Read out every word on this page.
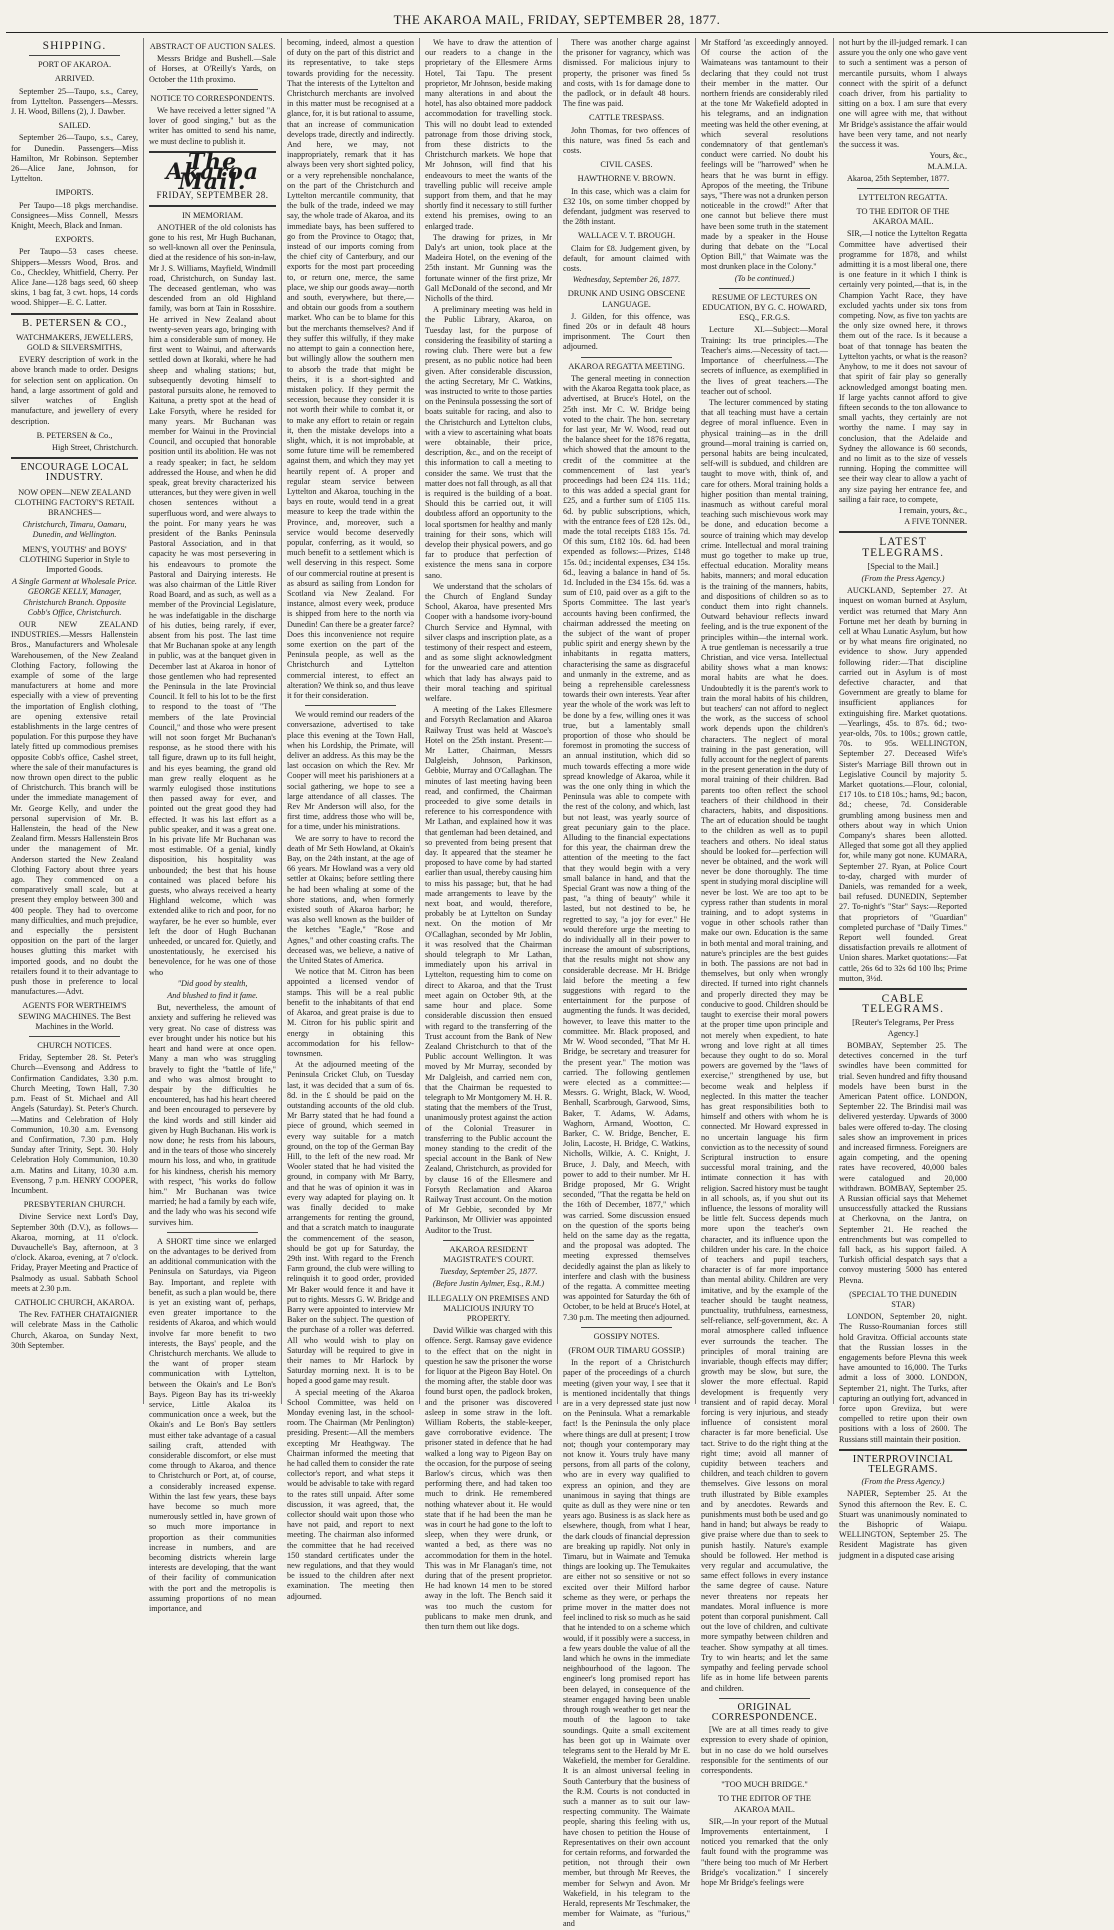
THE AKAROA MAIL, FRIDAY, SEPTEMBER 28, 1877.
SHIPPING.
PORT OF AKAROA.
ARRIVED.

September 25—Taupo, s.s., Carey, from Lyttelton. Passengers—Messrs. J. H. Wood, Billens (2), J. Dawber.

SAILED.

September 26—Taupo, s.s., Carey, for Dunedin. Passengers—Miss Hamilton, Mr Robinson. September 26—Alice Jane, Johnson, for Lyttelton.

IMPORTS.

Per Taupo—18 pkgs merchandise. Consignees—Miss Connell, Messrs Knight, Meech, Black and Inman.

EXPORTS.

Per Taupo—53 cases cheese. Shippers—Messrs Wood, Bros. and Co., Checkley, Whitfield, Cherry. Per Alice Jane—128 bags seed, 60 sheep skins, 1 bag fat, 3 cwt. hops, 14 cords wood. Shipper—E. C. Latter.

B. PETERSEN & CO.,
WATCHMAKERS, JEWELLERS, GOLD & SILVERSMITHS,

EVERY description of work in the above branch made to order. Designs for selection sent on application. On hand, a large assortment of gold and silver watches of English manufacture, and jewellery of every description.

B. PETERSEN & Co.,

High Street, Christchurch.

ENCOURAGE LOCAL INDUSTRY.
NOW OPEN—NEW ZEALAND CLOTHING FACTORY'S RETAIL BRANCHES—
Christchurch, Timaru, Oamaru, Dunedin, and Wellington.
MEN'S, YOUTHS' and BOYS' CLOTHING Superior in Style to Imported Goods.
A Single Garment at Wholesale Price. GEORGE KELLY, Manager, Christchurch Branch. Opposite Cobb's Office, Christchurch.

OUR NEW ZEALAND INDUSTRIES.—Messrs Hallenstein Bros., Manufacturers and Wholesale Warehousemen, of the New Zealand Clothing Factory, following the example of some of the large manufacturers at home and more especially with a view of preventing the importation of English clothing, are opening extensive retail establishments in the large centres of population. For this purpose they have lately fitted up commodious premises opposite Cobb's office, Cashel street, where the sale of their manufactures is now thrown open direct to the public of Christchurch. This branch will be under the immediate management of Mr. George Kelly, and under the personal supervision of Mr. B. Hallenstein, the head of the New Zealand firm. Messrs Hallenstein Bros under the management of Mr. Anderson started the New Zealand Clothing Factory about three years ago. They commenced on a comparatively small scale, but at present they employ between 300 and 400 people. They had to overcome many difficulties, and much prejudice, and especially the persistent opposition on the part of the larger houses glutting this market with imported goods, and no doubt the retailers found it to their advantage to push those in preference to local manufactures.—Advt.

AGENTS FOR WERTHEIM'S SEWING MACHINES. The Best Machines in the World.
CHURCH NOTICES.

Friday, September 28. St. Peter's Church—Evensong and Address to Confirmation Candidates, 3.30 p.m. Church Meeting, Town Hall, 7.30 p.m. Feast of St. Michael and All Angels (Saturday). St. Peter's Church.—Matins and Celebration of Holy Communion, 10.30 a.m. Evensong and Confirmation, 7.30 p.m. Holy Sunday after Trinity, Sept. 30. Holy Celebration Holy Communion, 10.30 a.m. Matins and Litany, 10.30 a.m. Evensong, 7 p.m. HENRY COOPER, Incumbent.

PRESBYTERIAN CHURCH.

Divine Service next Lord's Day, September 30th (D.V.), as follows—Akaroa, morning, at 11 o'clock. Duvauchelle's Bay, afternoon, at 3 o'clock. Akaroa, evening, at 7 o'clock. Friday, Prayer Meeting and Practice of Psalmody as usual. Sabbath School meets at 2.30 p.m.

CATHOLIC CHURCH, AKAROA.

The Rev. FATHER CHATAIGNIER will celebrate Mass in the Catholic Church, Akaroa, on Sunday Next, 30th September.

ABSTRACT OF AUCTION SALES.

Messrs Bridge and Bushell.—Sale of Horses, at O'Reilly's Yards, on October the 11th proximo.

NOTICE TO CORRESPONDENTS.

We have received a letter signed "A lover of good singing," but as the writer has omitted to send his name, we must decline to publish it.

The Akaroa Mail.
FRIDAY, SEPTEMBER 28.
IN MEMORIAM.

ANOTHER of the old colonists has gone to his rest, Mr Hugh Buchanan, so well-known all over the Peninsula, died at the residence of his son-in-law, Mr J. S. Williams, Mayfield, Windmill road, Christchurch, on Sunday last. The deceased gentleman, who was descended from an old Highland family, was born at Tain in Rossshire. He arrived in New Zealand about twenty-seven years ago, bringing with him a considerable sum of money. He first went to Wainui, and afterwards settled down at Ikoraki, where he had sheep and whaling stations; but, subsequently devoting himself to pastoral pursuits alone, he removed to Kaituna, a pretty spot at the head of Lake Forsyth, where he resided for many years. Mr Buchanan was member for Wainui in the Provincial Council, and occupied that honorable position until its abolition. He was not a ready speaker; in fact, he seldom addressed the House, and when he did speak, great brevity characterized his utterances, but they were given in well chosen sentences without a superfluous word, and were always to the point. For many years he was president of the Banks Peninsula Pastoral Association, and in that capacity he was most persevering in his endeavours to promote the Pastoral and Dairying interests. He was also chairman of the Little River Road Board, and as such, as well as a member of the Provincial Legislature, he was indefatigable in the discharge of his duties, being rarely, if ever, absent from his post. The last time that Mr Buchanan spoke at any length in public, was at the banquet given in December last at Akaroa in honor of those gentlemen who had represented the Peninsula in the late Provincial Council. It fell to his lot to be the first to respond to the toast of "The members of the late Provincial Council," and those who were present will not soon forget Mr Buchanan's response, as he stood there with his tall figure, drawn up to its full height, and his eyes beaming, the grand old man grew really eloquent as he warmly eulogised those institutions then passed away for ever, and pointed out the great good they had effected. It was his last effort as a public speaker, and it was a great one. In his private life Mr Buchanan was most estimable. Of a genial, kindly disposition, his hospitality was unbounded; the best that his house contained was placed before his guests, who always received a hearty Highland welcome, which was extended alike to rich and poor, for no wayfarer, be he ever so humble, ever left the door of Hugh Buchanan unheeded, or uncared for. Quietly, and unostentatiously, he exercised his benevolence, for he was one of those who

"Did good by stealth,
And blushed to find it fame.

But, nevertheless, the amount of anxiety and suffering he relieved was very great. No case of distress was ever brought under his notice but his heart and hand were at once open. Many a man who was struggling bravely to fight the "battle of life," and who was almost brought to despair by the difficulties he encountered, has had his heart cheered and been encouraged to persevere by the kind words and still kinder aid given by Hugh Buchanan. His work is now done; he rests from his labours, and in the tears of those who sincerely mourn his loss, and who, in gratitude for his kindness, cherish his memory with respect, "his works do follow him." Mr Buchanan was twice married; he had a family by each wife, and the lady who was his second wife survives him.

A SHORT time since we enlarged on the advantages to be derived from an additional communication with the Peninsula on Saturdays, via Pigeon Bay. Important, and replete with benefit, as such a plan would be, there is yet an existing want of, perhaps, even greater importance to the residents of Akaroa, and which would involve far more benefit to two interests, the Bays' people, and the Christchurch merchants. We allude to the want of proper steam communication with Lyttelton, between the Okain's and Le Bon's Bays. Pigeon Bay has its tri-weekly service, Little Akaloa its communication once a week, but the Okain's and Le Bon's Bay settlers must either take advantage of a casual sailing craft, attended with considerable discomfort, or else must come through to Akaroa, and thence to Christchurch or Port, at, of course, a considerably increased expense. Within the last few years, these bays have become so much more numerously settled in, have grown of so much more importance in proportion as their communities increase in numbers, and are becoming districts wherein large interests are developing, that the want of their facility of communication with the port and the metropolis is assuming proportions of no mean importance, and

becoming, indeed, almost a question of duty on the part of this district and its representative, to take steps towards providing for the necessity. That the interests of the Lyttelton and Christchurch merchants are involved in this matter must be recognised at a glance, for, it is but rational to assume, that an increase of communication develops trade, directly and indirectly. And here, we may, not inappropriately, remark that it has always been very short sighted policy, or a very reprehensible nonchalance, on the part of the Christchurch and Lyttelton mercantile community, that the bulk of the trade, indeed we may say, the whole trade of Akaroa, and its immediate bays, has been suffered to go from the Province to Otago; that, instead of our imports coming from the chief city of Canterbury, and our exports for the most part proceeding to, or return one, merce, the same place, we ship our goods away—north and south, everywhere, but there,—and obtain our goods from a southern market. Who can be to blame for this but the merchants themselves? And if they suffer this wilfully, if they make no attempt to gain a connection here, but willingly allow the southern men to absorb the trade that might be theirs, it is a short-sighted and mistaken policy. If they permit the secession, because they consider it is not worth their while to combat it, or to make any effort to retain or regain it, then the mistake develops into a slight, which, it is not improbable, at some future time will be remembered against them, and which they may yet heartily repent of. A proper and regular steam service between Lyttelton and Akaroa, touching in the bays en route, would tend in a great measure to keep the trade within the Province, and, moreover, such a service would become deservedly popular, conferring, as it would, so much benefit to a settlement which is well deserving in this respect. Some of our commercial routine at present is as absurd as sailing from London for Scotland via New Zealand. For instance, almost every week, produce is shipped from here to the north via Dunedin! Can there be a greater farce? Does this inconvenience not require some exertion on the part of the Peninsula people, as well as the Christchurch and Lyttelton commercial interest, to effect an alteration? We think so, and thus leave it for their consideration.

We would remind our readers of the conversazione, advertised to take place this evening at the Town Hall, when his Lordship, the Primate, will deliver an address. As this may be the last occasion on which the Rev. Mr Cooper will meet his parishioners at a social gathering, we hope to see a large attendance of all classes. The Rev Mr Anderson will also, for the first time, address those who will be, for a time, under his ministrations.

We are sorry to have to record the death of Mr Seth Howland, at Okain's Bay, on the 24th instant, at the age of 66 years. Mr Howland was a very old settler at Okains; before settling there he had been whaling at some of the shore stations, and, when formerly existed south of Akaroa harbor; he was also well known as the builder of the ketches "Eagle," "Rose and Agnes," and other coasting crafts. The deceased was, we believe, a native of the United States of America.

We notice that M. Citron has been appointed a licensed vendor of stamps. This will be a real public benefit to the inhabitants of that end of Akaroa, and great praise is due to M. Citron for his public spirit and energy in obtaining this accommodation for his fellow-townsmen.

At the adjourned meeting of the Peninsula Cricket Club, on Tuesday last, it was decided that a sum of 6s. 8d. in the £ should be paid on the outstanding accounts of the old club. Mr Barry stated that he had found a piece of ground, which seemed in every way suitable for a match ground, on the top of the German Bay Hill, to the left of the new road. Mr Wooler stated that he had visited the ground, in company with Mr Barry, and that he was of opinion it was in every way adapted for playing on. It was finally decided to make arrangements for renting the ground, and that a scratch match to inaugurate the commencement of the season, should be got up for Saturday, the 29th inst. With regard to the French Farm ground, the club were willing to relinquish it to good order, provided Mr Baker would fence it and have it put to rights. Messrs G. W. Bridge and Barry were appointed to interview Mr Baker on the subject. The question of the purchase of a roller was deferred. All who would wish to play on Saturday will be required to give in their names to Mr Harlock by Saturday morning next. It is to be hoped a good game may result.

A special meeting of the Akaroa School Committee, was held on Monday evening last, in the school-room. The Chairman (Mr Penlington) presiding. Present:—All the members excepting Mr Heathgway. The Chairman informed the meeting that he had called them to consider the rate collector's report, and what steps it would be advisable to take with regard to the rates still unpaid. After some discussion, it was agreed, that, the collector should wait upon those who have not paid, and report to next meeting. The chairman also informed the committee that he had received 150 standard certificates under the new regulations, and that they would be issued to the children after next examination. The meeting then adjourned.

We have to draw the attention of our readers to a change in the proprietary of the Ellesmere Arms Hotel, Tai Tapu. The present proprietor, Mr Johnson, beside making many alterations in and about the hotel, has also obtained more paddock accommodation for travelling stock. This will no doubt lead to extended patronage from those driving stock, from these districts to the Christchurch markets. We hope that Mr Johnson, will find that his endeavours to meet the wants of the travelling public will receive ample support from them, and that he may shortly find it necessary to still further extend his premises, owing to an enlarged trade.

The drawing for prizes, in Mr Daly's art union, took place at the Madeira Hotel, on the evening of the 25th instant. Mr Gunning was the fortunate winner of the first prize, Mr Gall McDonald of the second, and Mr Nicholls of the third.

A preliminary meeting was held in the Public Library, Akaroa, on Tuesday last, for the purpose of considering the feasibility of starting a rowing club. There were but a few present, as no public notice had been given. After considerable discussion, the acting Secretary, Mr C. Watkins, was instructed to write to those parties on the Peninsula possessing the sort of boats suitable for racing, and also to the Christchurch and Lyttelton clubs, with a view to ascertaining what boats were obtainable, their price, description, &c., and on the receipt of this information to call a meeting to consider the same. We trust that the matter does not fall through, as all that is required is the building of a boat. Should this be carried out, it will doubtless afford an opportunity to the local sportsmen for healthy and manly training for their sons, which will develop their physical powers, and go far to produce that perfection of existence the mens sana in corpore sano.

We understand that the scholars of the Church of England Sunday School, Akaroa, have presented Mrs Cooper with a handsome ivory-bound Church Service and Hymnal, with silver clasps and inscription plate, as a testimony of their respect and esteem, and as some slight acknowledgment for the unwearied care and attention which that lady has always paid to their moral teaching and spiritual welfare.

A meeting of the Lakes Ellesmere and Forsyth Reclamation and Akaroa Railway Trust was held at Wascoe's Hotel on the 25th instant. Present:—Mr Latter, Chairman, Messrs Dalgleish, Johnson, Parkinson, Gebbie, Murray and O'Callaghan. The minutes of last meeting having been read, and confirmed, the Chairman proceeded to give some details in reference to his correspondence with Mr Lathan, and explained how it was that gentleman had been detained, and so prevented from being present that day. It appeared that the steamer he proposed to have come by had started earlier than usual, thereby causing him to miss his passage; but, that he had made arrangements to leave by the next boat, and would, therefore, probably be at Lyttelton on Sunday next. On the motion of Mr O'Callaghan, seconded by Mr Joblin, it was resolved that the Chairman should telegraph to Mr Lathan, immediately upon his arrival in Lyttelton, requesting him to come on direct to Akaroa, and that the Trust meet again on October 9th, at the same hour and place. Some considerable discussion then ensued with regard to the transferring of the Trust account from the Bank of New Zealand Christchurch to that of the Public account Wellington. It was moved by Mr Murray, seconded by Mr Dalgleish, and carried nem con, that the Chairman be requested to telegraph to Mr Montgomery M. H. R. stating that the members of the Trust, unanimously protest against the action of the Colonial Treasurer in transferring to the Public account the money standing to the credit of the special account in the Bank of New Zealand, Christchurch, as provided for by clause 16 of the Ellesmere and Forsyth Reclamation and Akaroa Railway Trust account. On the motion of Mr Gebbie, seconded by Mr Parkinson, Mr Ollivier was appointed Auditor to the Trust.

AKAROA RESIDENT MAGISTRATE'S COURT.
Tuesday, September 25, 1877.
(Before Justin Aylmer, Esq., R.M.)
ILLEGALLY ON PREMISES AND MALICIOUS INJURY TO PROPERTY.

David Wilkie was charged with this offence. Sergt. Ramsay gave evidence to the effect that on the night in question he saw the prisoner the worse for liquor at the Pigeon Bay Hotel. On the morning after, the stable door was found burst open, the padlock broken, and the prisoner was discovered asleep in some straw in the loft. William Roberts, the stable-keeper, gave corroborative evidence. The prisoner stated in defence that he had walked a long way to Pigeon Bay on the occasion, for the purpose of seeing Barlow's circus, which was then performing there, and had taken too much to drink. He remembered nothing whatever about it. He would state that if he had been the man he was in court he had gone to the loft to sleep, when they were drunk, or wanted a bed, as there was no accommodation for them in the hotel. This was in Mr Flanagan's time, not during that of the present proprietor. He had known 14 men to be stored away in the loft. The Bench said it was too much the custom for publicans to make men drunk, and then turn them out like dogs.

There was another charge against the prisoner for vagrancy, which was dismissed. For malicious injury to property, the prisoner was fined 5s and costs, with 1s for damage done to the padlock, or in default 48 hours. The fine was paid.

CATTLE TRESPASS.

John Thomas, for two offences of this nature, was fined 5s each and costs.

CIVIL CASES.
HAWTHORNE V. BROWN.

In this case, which was a claim for £32 10s, on some timber chopped by defendant, judgment was reserved to the 28th instant.

WALLACE V. T. BROUGH.

Claim for £8. Judgement given, by default, for amount claimed with costs.

Wednesday, September 26, 1877.
DRUNK AND USING OBSCENE LANGUAGE.

J. Gilden, for this offence, was fined 20s or in default 48 hours imprisonment. The Court then adjourned.

AKAROA REGATTA MEETING.

The general meeting in connection with the Akaroa Regatta took place, as advertised, at Bruce's Hotel, on the 25th inst. Mr C. W. Bridge being voted to the chair. The hon. secretary for last year, Mr W. Wood, read out the balance sheet for the 1876 regatta, which showed that the amount to the credit of the committee at the commencement of last year's proceedings had been £24 11s. 11d.; to this was added a special grant for £25, and a further sum of £105 11s. 6d. by public subscriptions, which, with the entrance fees of £28 12s. 0d., made the total receipts £183 15s. 7d. Of this sum, £182 10s. 6d. had been expended as follows:—Prizes, £148 15s. 0d.; incidental expenses, £34 15s. 6d., leaving a balance in hand of 5s. 1d. Included in the £34 15s. 6d. was a sum of £10, paid over as a gift to the Sports Committee. The last year's accounts having been confirmed, the chairman addressed the meeting on the subject of the want of proper public spirit and energy shewn by the inhabitants in regatta matters, characterising the same as disgraceful and unmanly in the extreme, and as being a reprehensible carelessness towards their own interests. Year after year the whole of the work was left to be done by a few, willing ones it was true, but a lamentably small proportion of those who should be foremost in promoting the success of an annual institution, which did so much towards effecting a more wide spread knowledge of Akaroa, while it was the one only thing in which the Peninsula was able to compete with the rest of the colony, and which, last but not least, was yearly source of great pecuniary gain to the place. Alluding to the financial expectations for this year, the chairman drew the attention of the meeting to the fact that they would begin with a very small balance in hand, and that the Special Grant was now a thing of the past, "a thing of beauty" while it lasted, but not destined to be, he regretted to say, "a joy for ever." He would therefore urge the meeting to do individually all in their power to increase the amount of subscriptions, that the results might not show any considerable decrease. Mr H. Bridge laid before the meeting a few suggestions with regard to the entertainment for the purpose of augmenting the funds. It was decided, however, to leave this matter to the committee. Mr. Black proposed, and Mr W. Wood seconded, "That Mr H. Bridge, be secretary and treasurer for the present year." The motion was carried. The following gentlemen were elected as a committee:—Messrs. G. Wright, Black, W. Wood, Benhall, Scarbrough, Garwood, Sims, Baker, T. Adams, W. Adams, Waghorn, Armand, Wootton, C. Barker, C. W. Bridge, Bencher, E. Jolin, Lacoste, H. Bridge, C. Watkins, Nicholls, Wilkie, A. C. Knight, J. Bruce, J. Daly, and Meech, with power to add to their number. Mr H. Bridge proposed, Mr G. Wright seconded, "That the regatta be held on the 16th of December, 1877," which was carried. Some discussion ensued on the question of the sports being held on the same day as the regatta, and the proposal was adopted. The meeting expressed themselves decidedly against the plan as likely to interfere and clash with the business of the regatta. A committee meeting was appointed for Saturday the 6th of October, to be held at Bruce's Hotel, at 7.30 p.m. The meeting then adjourned.

GOSSIPY NOTES.
(FROM OUR TIMARU GOSSIP.)

In the report of a Christchurch paper of the proceedings of a church meeting (given your way, I see that it is mentioned incidentally that things are in a very depressed state just now on the Peninsula. What a remarkable fact! Is the Peninsula the only place where things are dull at present; I trow not; though your contemporary may not know it. Yours truly have many persons, from all parts of the colony, who are in every way qualified to express an opinion, and they are unanimous in saying that things are quite as dull as they were nine or ten years ago. Business is as slack here as elsewhere, though, from what I hear, the dark clouds of financial depression are breaking up rapidly. Not only in Timaru, but in Waimate and Temuka things are looking up. The Temukaites are either not so sensitive or not so excited over their Milford harbor scheme as they were, or perhaps the prime mover in the matter does not feel inclined to risk so much as he said that he intended to on a scheme which would, if it possibly were a success, in a few years double the value of all the land which he owns in the immediate neighbourhood of the lagoon. The engineer's long promised report has been delayed, in consequence of the steamer engaged having been unable through rough weather to get near the mouth of the lagoon to take soundings. Quite a small excitement has been got up in Waimate over telegrams sent to the Herald by Mr E. Wakefield, the member for Geraldine. It is an almost universal feeling in South Canterbury that the business of the R.M. Courts is not conducted in such a manner as to suit our law-respecting community. The Waimate people, sharing this feeling with us, have chosen to petition the House of Representatives on their own account for certain reforms, and forwarded the petition, not through their own member, but through Mr Reeves, the member for Selwyn and Avon. Mr Wakefield, in his telegram to the Herald, represents Mr Teschmaker, the member for Waimate, as "furious," and

Mr Stafford 'as exceedingly annoyed. Of course the action of the Waimateans was tantamount to their declaring that they could not trust their member in the matter. Our northern friends are considerably riled at the tone Mr Wakefield adopted in his telegrams, and an indignation meeting was held the other evening, at which several resolutions condemnatory of that gentleman's conduct were carried. No doubt his feelings will be "harrowed" when he hears that he was burnt in effigy. Apropos of the meeting, the Tribune says, "There was not a drunken person noticeable in the crowd!" After that one cannot but believe there must have been some truth in the statement made by a speaker in the House during that debate on the "Local Option Bill," that Waimate was the most drunken place in the Colony."

(To be continued.)
RESUME OF LECTURES ON EDUCATION, BY G. C. HOWARD, ESQ., F.R.G.S.

Lecture XI.—Subject:—Moral Training: Its true principles.—The Teacher's aims.—Necessity of tact.—Importance of cheerfulness.—The secrets of influence, as exemplified in the lives of great teachers.—The teacher out of school.

The lecturer commenced by stating that all teaching must have a certain degree of moral influence. Even in physical training—as in the drill ground—moral training is carried on, personal habits are being inculcated, self-will is subdued, and children are taught to move with, think of, and care for others. Moral training holds a higher position than mental training, inasmuch as without careful moral teaching such mischievous work may be done, and education become a source of training which may develop crime. Intellectual and moral training must go together to make up true, effectual education. Morality means habits, manners; and moral education is the training of the manners, habits, and dispositions of children so as to conduct them into right channels. Outward behaviour reflects inward feeling, and is the true exponent of the principles within—the internal work. A true gentleman is necessarily a true Christian, and vice versa. Intellectual ability shows what a man knows: moral habits are what he does. Undoubtedly it is the parent's work to train the moral habits of his children, but teachers' can not afford to neglect the work, as the success of school work depends upon the children's characters. The neglect of moral training in the past generation, will fully account for the neglect of parents in the present generation in the duty of moral training of their children. Bad parents too often reflect the school teachers of their childhood in their characters, habits, and dispositions. The art of education should be taught to the children as well as to pupil teachers and others. No ideal status should be looked for—perfection will never be obtained, and the work will never be done thoroughly. The time spent in studying moral discipline will never be lost. We are too apt to be cypress rather than students in moral training, and to adopt systems in vogue in other schools rather than make our own. Education is the same in both mental and moral training, and nature's principles are the best guides in both. The passions are not bad in themselves, but only when wrongly directed. If turned into right channels and properly directed they may be conducive to good. Children should be taught to exercise their moral powers at the proper time upon principle and not merely when expedient, to hate wrong and love right at all times because they ought to do so. Moral powers are governed by the "laws of exercise," strengthened by use, but become weak and helpless if neglected. In this matter the teacher has great responsibilities both to himself and others with whom he is connected. Mr Howard expressed in no uncertain language his firm conviction as to the necessity of sound Scriptural instruction to ensure successful moral training, and the intimate connection it has with religion. Sacred history must be taught in all schools, as, if you shut out its influence, the lessons of morality will be little felt. Success depends much more upon the teacher's own character, and its influence upon the children under his care. In the choice of teachers and pupil teachers, character is of far more importance than mental ability. Children are very imitative, and by the example of the teacher should be taught neatness, punctuality, truthfulness, earnestness, self-reliance, self-government, &c. A moral atmosphere called influence ever surrounds the teacher. The principles of moral training are invariable, though effects may differ; growth may be slow, but sure, the slower the more effectual. Rapid development is frequently very transient and of rapid decay. Moral forcing is very injurious, and steady influence of consistent moral character is far more beneficial. Use tact. Strive to do the right thing at the right time; avoid all manner of cupidity between teachers and children, and teach children to govern themselves. Give lessons on moral truth illustrated by Bible examples and by anecdotes. Rewards and punishments must both be used and go hand in hand; but always be ready to give praise where due than to seek to punish hastily. Nature's example should be followed. Her method is very regular and accumulative, the same effect follows in every instance the same degree of cause. Nature never threatens nor repeats her mandates. Moral influence is more potent than corporal punishment. Call out the love of children, and cultivate more sympathy between children and teacher. Show sympathy at all times. Try to win hearts; and let the same sympathy and feeling pervade school life as in home life between parents and children.

ORIGINAL CORRESPONDENCE.

[We are at all times ready to give expression to every shade of opinion, but in no case do we hold ourselves responsible for the sentiments of our correspondents.

"TOO MUCH BRIDGE."
TO THE EDITOR OF THE AKAROA MAIL.

SIR,—In your report of the Mutual Improvements entertainment, I noticed you remarked that the only fault found with the programme was "there being too much of Mr Herbert Bridge's vocalization." I sincerely hope Mr Bridge's feelings were

not hurt by the ill-judged remark. I can assure you the only one who gave vent to such a sentiment was a person of mercantile pursuits, whom I always connect with the spirit of a defunct coach driver, from his partiality to sitting on a box. I am sure that every one will agree with me, that without Mr Bridge's assistance the affair would have been very tame, and not nearly the success it was.

Yours, &c.,

M.A.M.I.A.

Akaroa, 25th September, 1877.

LYTTELTON REGATTA.
TO THE EDITOR OF THE AKAROA MAIL.

SIR,—I notice the Lyttelton Regatta Committee have advertised their programme for 1878, and whilst admitting it is a most liberal one, there is one feature in it which I think is certainly very pointed,—that is, in the Champion Yacht Race, they have excluded yachts under six tons from competing. Now, as five ton yachts are the only size owned here, it throws them out of the race. Is it because a boat of that tonnage has beaten the Lyttelton yachts, or what is the reason? Anyhow, to me it does not savour of that spirit of fair play so generally acknowledged amongst boating men. If large yachts cannot afford to give fifteen seconds to the ton allowance to small yachts, they certainly are not worthy the name. I may say in conclusion, that the Adelaide and Sydney the allowance is 60 seconds, and no limit as to the size of vessels running. Hoping the committee will see their way clear to allow a yacht of any size paying her entrance fee, and sailing a fair race, to compete,

I remain, yours, &c.,

A FIVE TONNER.

LATEST TELEGRAMS.
[Special to the Mail.]
(From the Press Agency.)

AUCKLAND, September 27. At inquest on woman burned at Asylum, verdict was returned that Mary Ann Fortune met her death by burning in cell at Whau Lunatic Asylum, but how or by what means fire originated, no evidence to show. Jury appended following rider:—That discipline carried out in Asylum is of most defective character, and that Government are greatly to blame for insufficient appliances for extinguishing fire. Market quotations.—Yearlings, 45s. to 87s. 6d.; two-year-olds, 70s. to 100s.; grown cattle, 70s. to 95s. WELLINGTON, September 27. Deceased Wife's Sister's Marriage Bill thrown out in Legislative Council by majority 5. Market quotations.—Flour, colonial, £17 10s. to £18 10s.; hams, 9d.; bacon, 8d.; cheese, 7d. Considerable grumbling among business men and others about way in which Union Company's shares been allotted. Alleged that some got all they applied for, while many got none. KUMARA, September 27. Ryan, at Police Court to-day, charged with murder of Daniels, was remanded for a week, bail refused. DUNEDIN, September 27. To-night's "Star" Says:—Reported that proprietors of "Guardian" completed purchase of "Daily Times." Report well founded. Great dissatisfaction prevails re allotment of Union shares. Market quotations:—Fat cattle, 26s 6d to 32s 6d 100 lbs; Prime mutton, 3½d.

CABLE TELEGRAMS.
[Reuter's Telegrams, Per Press Agency.]

BOMBAY, September 25. The detectives concerned in the turf swindles have been committed for trial. Seven hundred and fifty thousand models have been burst in the American Patent office. LONDON, September 22. The Brindisi mail was delivered yesterday. Upwards of 3000 bales were offered to-day. The closing sales show an improvement in prices and increased firmness. Foreigners are again competing, and the opening rates have recovered, 40,000 bales were catalogued and 20,000 withdrawn. BOMBAY, September 25. A Russian official says that Mehemet unsuccessfully attacked the Russians at Cherkovna, on the Jantra, on September 21. He reached the entrenchments but was compelled to fall back, as his support failed. A Turkish official despatch says that a convoy mustering 5000 has entered Plevna.

(SPECIAL TO THE DUNEDIN STAR)

LONDON, September 20, night. The Russo-Roumanian forces still hold Gravitza. Official accounts state that the Russian losses in the engagements before Plevna this week have amounted to 16,000. The Turks admit a loss of 3000. LONDON, September 21, night. The Turks, after capturing an outlying fort, advanced in force upon Greviiza, but were compelled to retire upon their own positions with a loss of 2600. The Russians still maintain their position.

INTERPROVINCIAL TELEGRAMS.
(From the Press Agency.)

NAPIER, September 25. At the Synod this afternoon the Rev. E. C. Stuart was unanimously nominated to the Bishopric of Waiapu. WELLINGTON, September 25. The Resident Magistrate has given judgment in a disputed case arising
